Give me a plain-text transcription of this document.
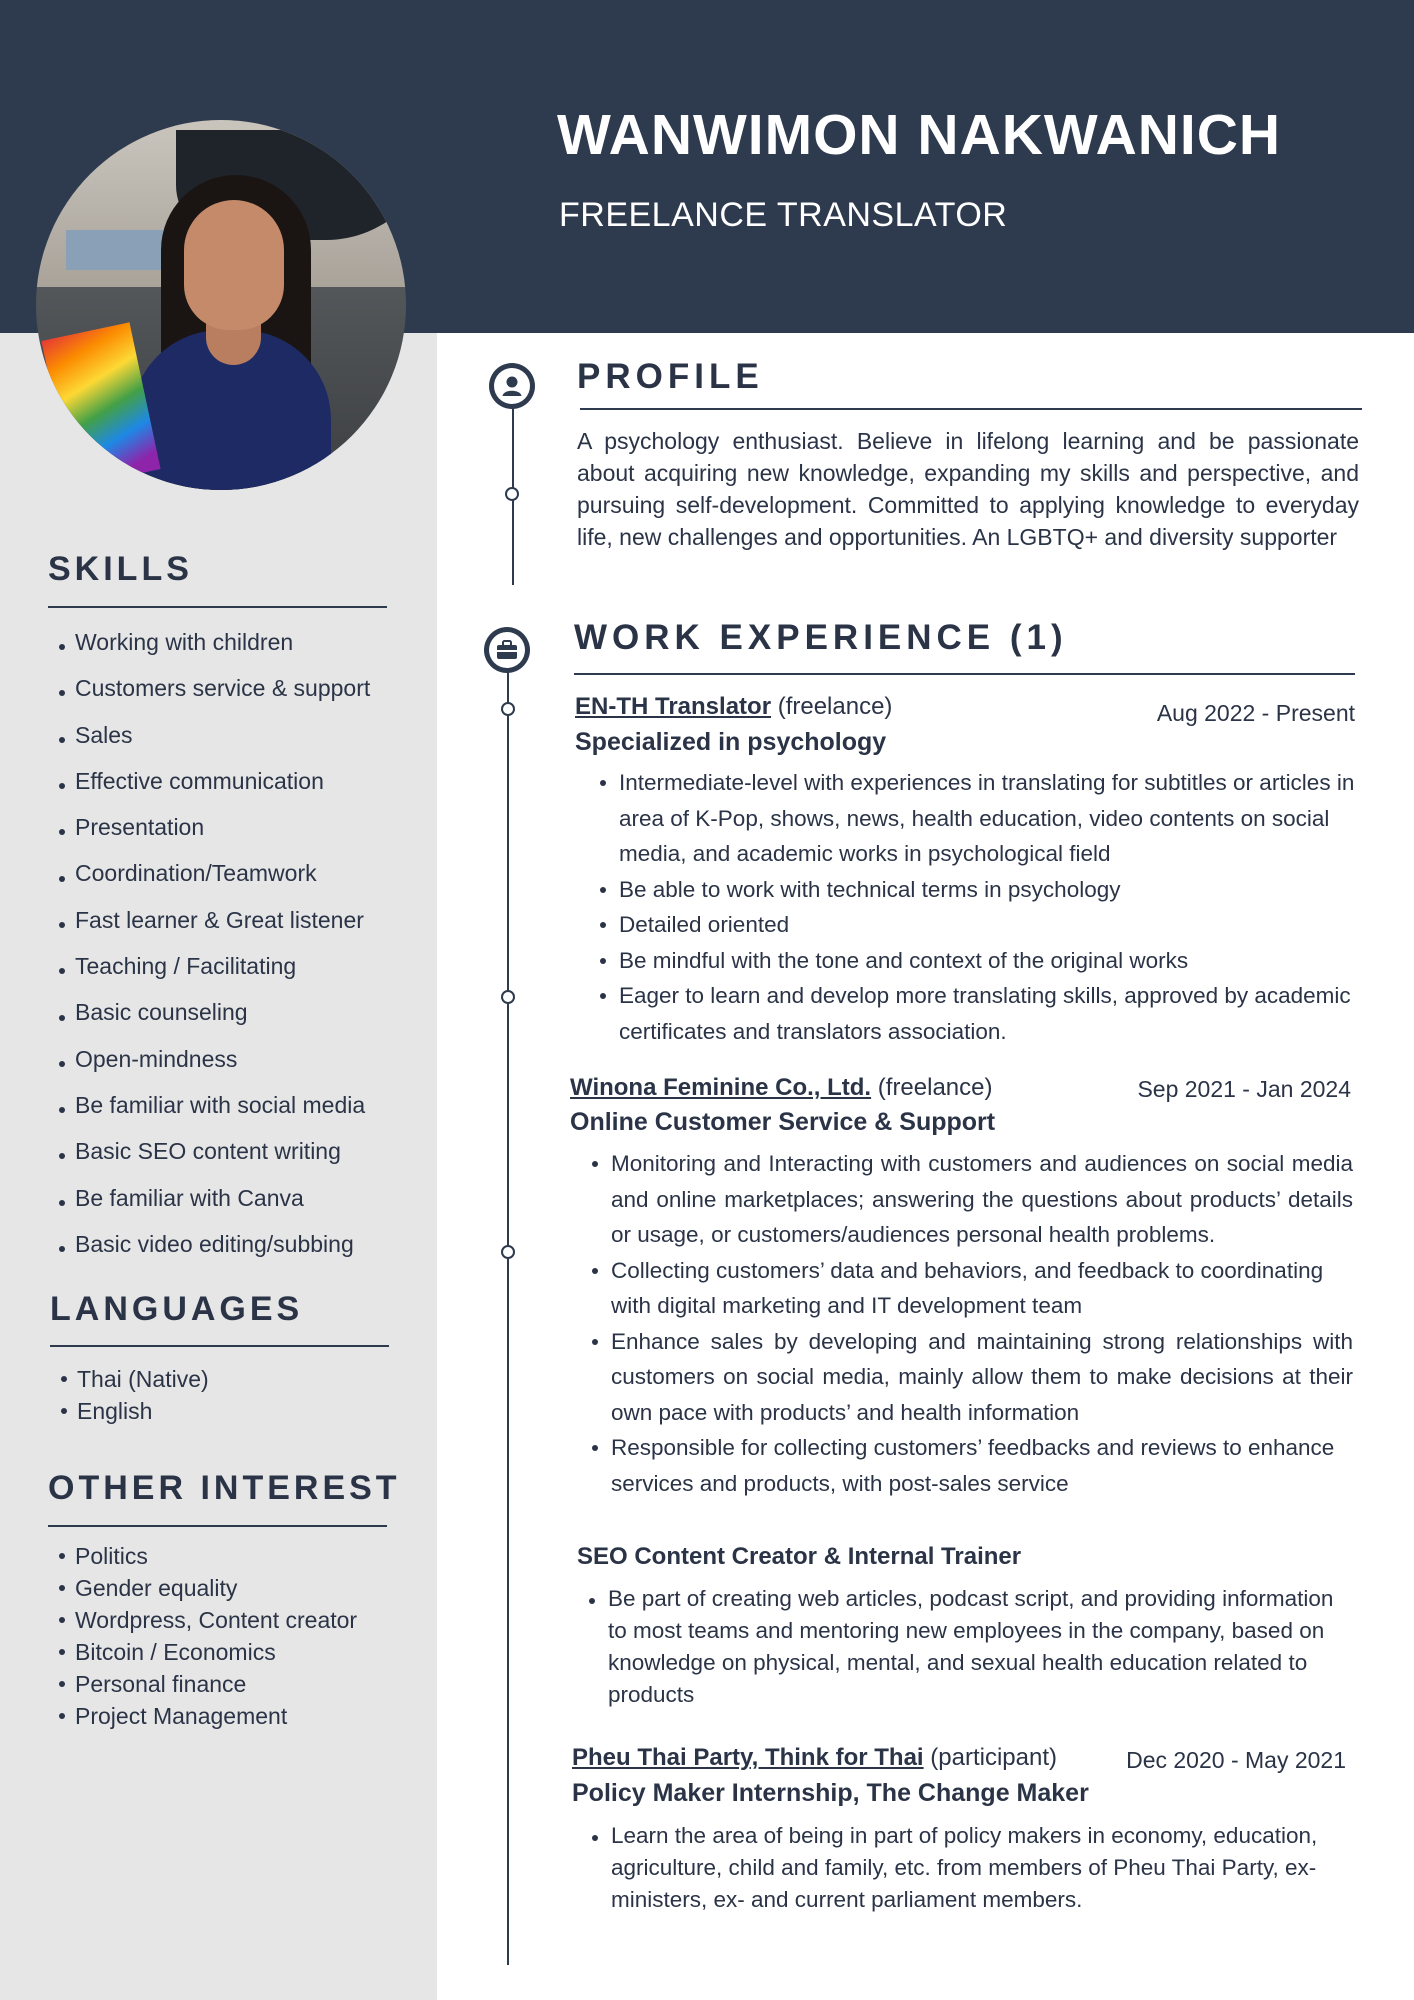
WANWIMON NAKWANICH
FREELANCE TRANSLATOR
SKILLS
Working with children
Customers service & support
Sales
Effective communication
Presentation
Coordination/Teamwork
Fast learner & Great listener
Teaching / Facilitating
Basic counseling
Open-mindness
Be familiar with social media
Basic SEO content writing
Be familiar with Canva
Basic video editing/subbing
LANGUAGES
Thai (Native)
English
OTHER INTEREST
Politics
Gender equality
Wordpress, Content creator
Bitcoin / Economics
Personal finance
Project Management
PROFILE
A psychology enthusiast. Believe in lifelong learning and be passionate about acquiring new knowledge, expanding my skills and perspective, and pursuing self-development. Committed to applying knowledge to everyday life, new challenges and opportunities. An LGBTQ+ and diversity supporter
WORK EXPERIENCE (1)
EN-TH Translator (freelance)	Aug 2022 - Present
Specialized in psychology
Intermediate-level with experiences in translating for subtitles or articles in area of K-Pop, shows, news, health education, video contents on social media, and academic works in psychological field
Be able to work with technical terms in psychology
Detailed oriented
Be mindful with the tone and context of the original works
Eager to learn and develop more translating skills, approved by academic certificates and translators association.
Winona Feminine Co., Ltd. (freelance)	Sep 2021 - Jan 2024
Online Customer Service & Support
Monitoring and Interacting with customers and audiences on social media and online marketplaces; answering the questions about products’ details or usage, or customers/audiences personal health problems.
Collecting customers’ data and behaviors, and feedback to coordinating with digital marketing and IT development team
Enhance sales by developing and maintaining strong relationships with customers on social media, mainly allow them to make decisions at their own pace with products’ and health information
Responsible for collecting customers’ feedbacks and reviews to enhance services and products, with post-sales service
SEO Content Creator & Internal Trainer
Be part of creating web articles, podcast script, and providing information to most teams and mentoring new employees in the company, based on knowledge on physical, mental, and sexual health education related to products
Pheu Thai Party, Think for Thai (participant)	Dec 2020 - May 2021
Policy Maker Internship, The Change Maker
Learn the area of being in part of policy makers in economy, education, agriculture, child and family, etc. from members of Pheu Thai Party, ex-ministers, ex- and current parliament members.
